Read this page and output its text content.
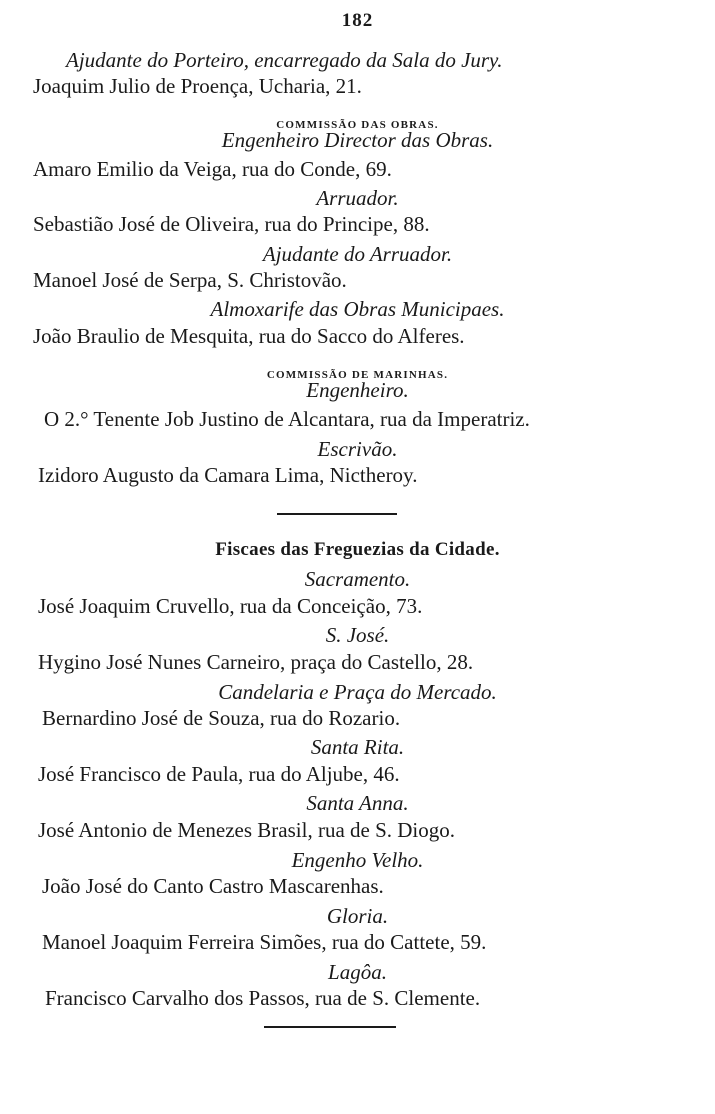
182
Ajudante do Porteiro, encarregado da Sala do Jury.
Joaquim Julio de Proença, Ucharia, 21.
COMMISSÃO DAS OBRAS.
Engenheiro Director das Obras.
Amaro Emilio da Veiga, rua do Conde, 69.
Arruador.
Sebastião José de Oliveira, rua do Principe, 88.
Ajudante do Arruador.
Manoel José de Serpa, S. Christovão.
Almoxarife das Obras Municipaes.
João Braulio de Mesquita, rua do Sacco do Alferes.
COMMISSÃO DE MARINHAS.
Engenheiro.
O 2.° Tenente Job Justino de Alcantara, rua da Imperatriz.
Escrivão.
Izidoro Augusto da Camara Lima, Nictheroy.
Fiscaes das Freguezias da Cidade.
Sacramento.
José Joaquim Cruvello, rua da Conceição, 73.
S. José.
Hygino José Nunes Carneiro, praça do Castello, 28.
Candelaria e Praça do Mercado.
Bernardino José de Souza, rua do Rozario.
Santa Rita.
José Francisco de Paula, rua do Aljube, 46.
Santa Anna.
José Antonio de Menezes Brasil, rua de S. Diogo.
Engenho Velho.
João José do Canto Castro Mascarenhas.
Gloria.
Manoel Joaquim Ferreira Simões, rua do Cattete, 59.
Lagôa.
Francisco Carvalho dos Passos, rua de S. Clemente.
